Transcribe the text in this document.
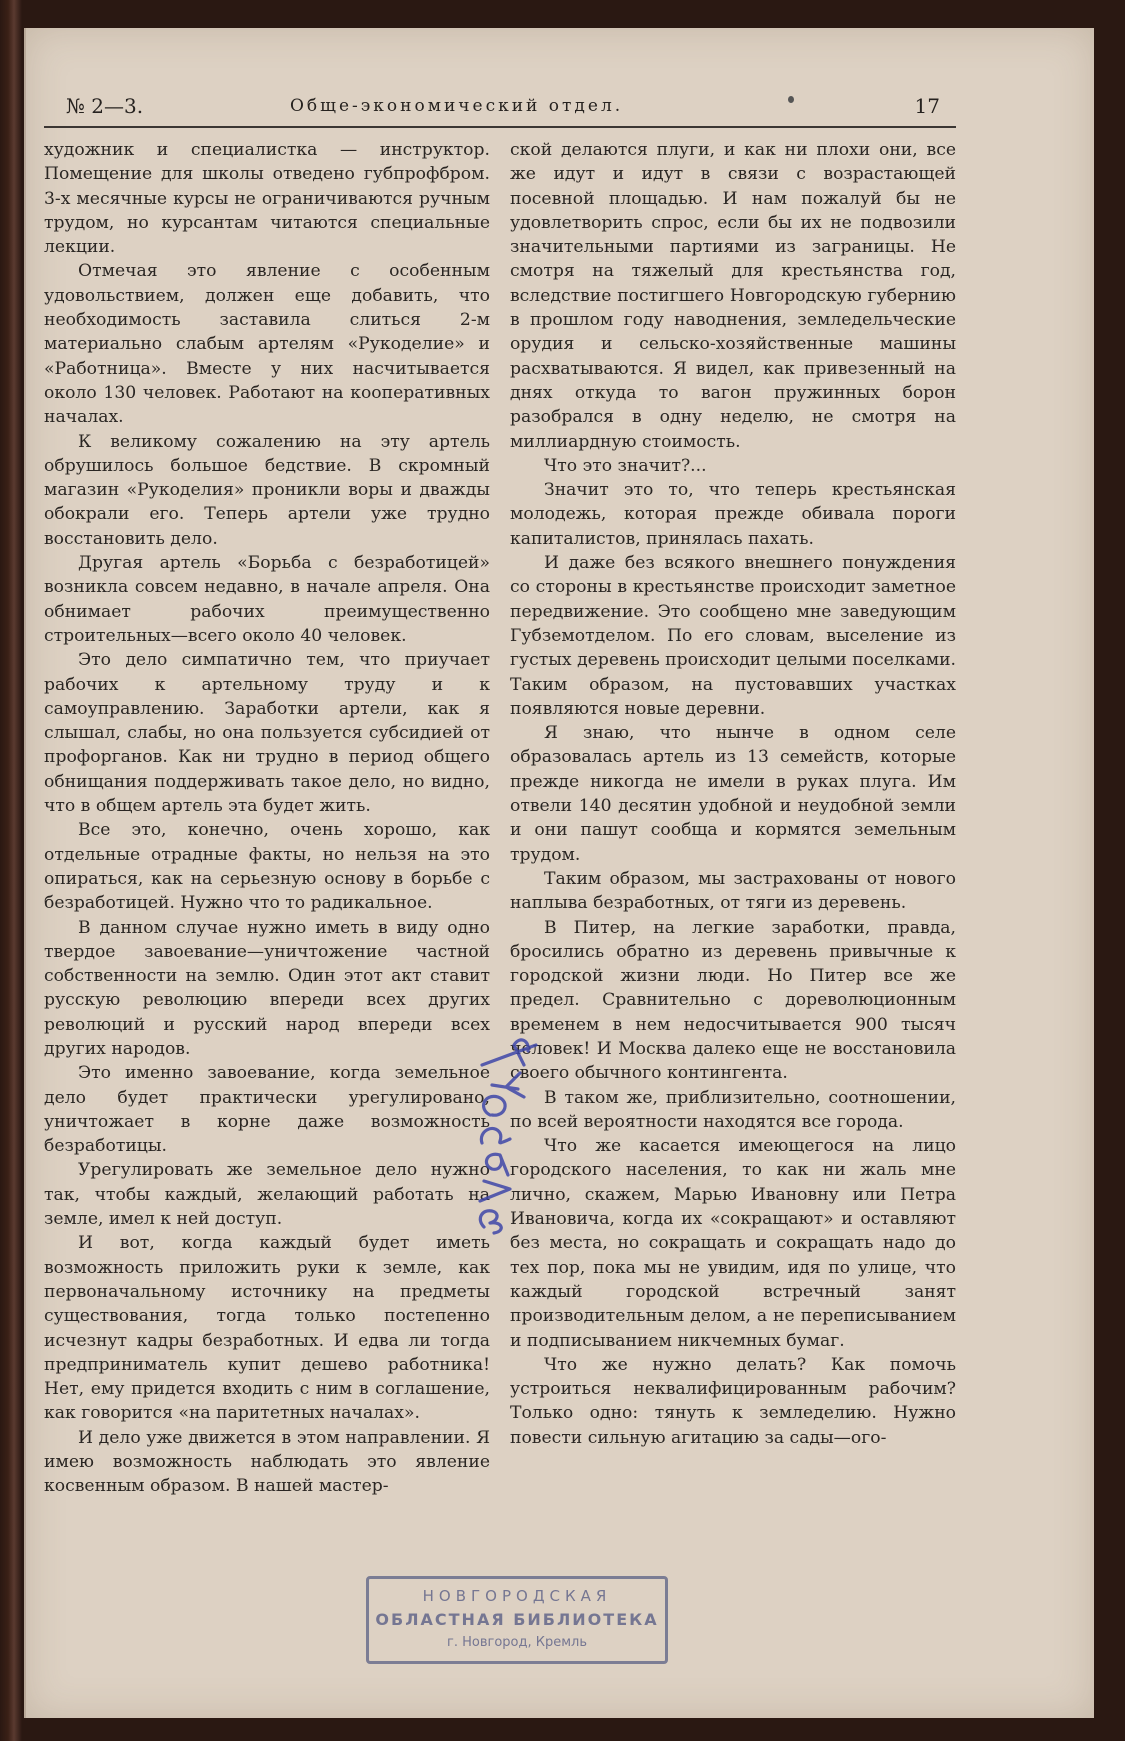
№ 2—3.	Обще-экономический отдел.	17

художник и специалистка — инструктор. Помещение для школы отведено губпрофбром. 3-х месячные курсы не ограничиваются ручным трудом, но курсантам читаются специальные лекции.

Отмечая это явление с особенным удовольствием, должен еще добавить, что необходимость заставила слиться 2-м материально слабым артелям «Рукоделие» и «Работница». Вместе у них насчитывается около 130 человек. Работают на кооперативных началах.

К великому сожалению на эту артель обрушилось большое бедствие. В скромный магазин «Рукоделия» проникли воры и дважды обокрали его. Теперь артели уже трудно восстановить дело.

Другая артель «Борьба с безработицей» возникла совсем недавно, в начале апреля. Она обнимает рабочих преимущественно строительных—всего около 40 человек.

Это дело симпатично тем, что приучает рабочих к артельному труду и к самоуправлению. Заработки артели, как я слышал, слабы, но она пользуется субсидией от профорганов. Как ни трудно в период общего обнищания поддерживать такое дело, но видно, что в общем артель эта будет жить.

Все это, конечно, очень хорошо, как отдельные отрадные факты, но нельзя на это опираться, как на серьезную основу в борьбе с безработицей. Нужно что то радикальное.

В данном случае нужно иметь в виду одно твердое завоевание—уничтожение частной собственности на землю. Один этот акт ставит русскую революцию впереди всех других революций и русский народ впереди всех других народов.

Это именно завоевание, когда земельное дело будет практически урегулировано, уничтожает в корне даже возможность безработицы.

Урегулировать же земельное дело нужно так, чтобы каждый, желающий работать на земле, имел к ней доступ.

И вот, когда каждый будет иметь возможность приложить руки к земле, как первоначальному источнику на предметы существования, тогда только постепенно исчезнут кадры безработных. И едва ли тогда предприниматель купит дешево работника! Нет, ему придется входить с ним в соглашение, как говорится «на паритетных началах».

И дело уже движется в этом направлении. Я имею возможность наблюдать это явление косвенным образом. В нашей мастер-

ской делаются плуги, и как ни плохи они, все же идут и идут в связи с возрастающей посевной площадью. И нам пожалуй бы не удовлетворить спрос, если бы их не подвозили значительными партиями из заграницы. Не смотря на тяжелый для крестьянства год, вследствие постигшего Новгородскую губернию в прошлом году наводнения, земледельческие орудия и сельско-хозяйственные машины расхватываются. Я видел, как привезенный на днях откуда то вагон пружинных борон разобрался в одну неделю, не смотря на миллиардную стоимость.

Что это значит?...

Значит это то, что теперь крестьянская молодежь, которая прежде обивала пороги капиталистов, принялась пахать.

И даже без всякого внешнего понуждения со стороны в крестьянстве происходит заметное передвижение. Это сообщено мне заведующим Губземотделом. По его словам, выселение из густых деревень происходит целыми поселками. Таким образом, на пустовавших участках появляются новые деревни.

Я знаю, что нынче в одном селе образовалась артель из 13 семейств, которые прежде никогда не имели в руках плуга. Им отвели 140 десятин удобной и неудобной земли и они пашут сообща и кормятся земельным трудом.

Таким образом, мы застрахованы от нового наплыва безработных, от тяги из деревень.

В Питер, на легкие заработки, правда, бросились обратно из деревень привычные к городской жизни люди. Но Питер все же предел. Сравнительно с дореволюционным временем в нем недосчитывается 900 тысяч человек! И Москва далеко еще не восстановила своего обычного контингента.

В таком же, приблизительно, соотношении, по всей вероятности находятся все города.

Что же касается имеющегося на лицо городского населения, то как ни жаль мне лично, скажем, Марью Ивановну или Петра Ивановича, когда их «сокращают» и оставляют без места, но сокращать и сокращать надо до тех пор, пока мы не увидим, идя по улице, что каждый городской встречный занят производительным делом, а не переписыванием и подписыванием никчемных бумаг.

Что же нужно делать? Как помочь устроиться неквалифицированным рабочим? Только одно: тянуть к земледелию. Нужно повести сильную агитацию за сады—ого-

НОВГОРОДСКАЯ
ОБЛАСТНАЯ БИБЛИОТЕКА
г. Новгород, Кремль
